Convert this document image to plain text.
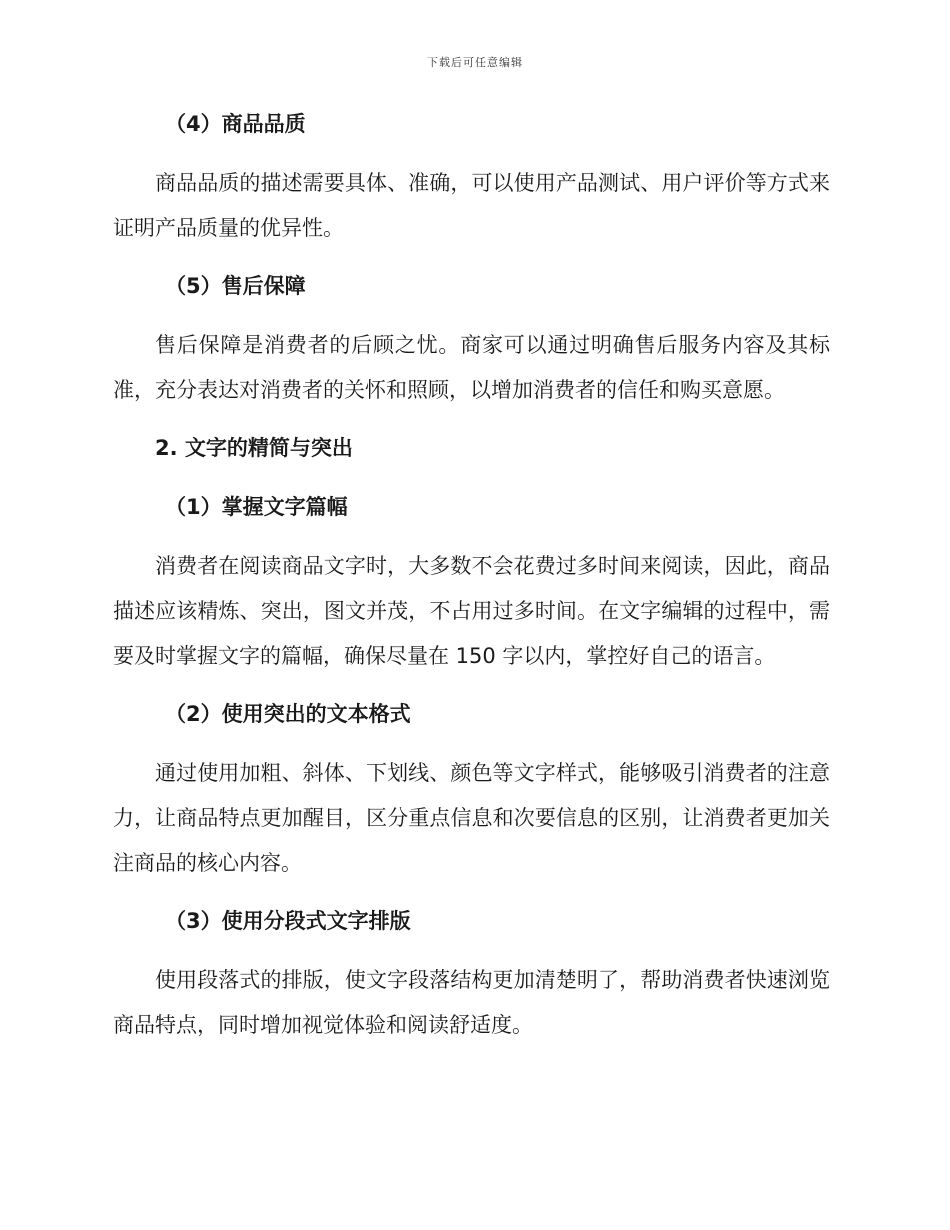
下载后可任意编辑
（4）商品品质

商品品质的描述需要具体、准确，可以使用产品测试、用户评价等方式来证明产品质量的优异性。

（5）售后保障

售后保障是消费者的后顾之忧。商家可以通过明确售后服务内容及其标准，充分表达对消费者的关怀和照顾，以增加消费者的信任和购买意愿。

2. 文字的精简与突出
（1）掌握文字篇幅

消费者在阅读商品文字时，大多数不会花费过多时间来阅读，因此，商品描述应该精炼、突出，图文并茂，不占用过多时间。在文字编辑的过程中，需要及时掌握文字的篇幅，确保尽量在 150 字以内，掌控好自己的语言。

（2）使用突出的文本格式

通过使用加粗、斜体、下划线、颜色等文字样式，能够吸引消费者的注意力，让商品特点更加醒目，区分重点信息和次要信息的区别，让消费者更加关注商品的核心内容。

（3）使用分段式文字排版

使用段落式的排版，使文字段落结构更加清楚明了，帮助消费者快速浏览商品特点，同时增加视觉体验和阅读舒适度。
